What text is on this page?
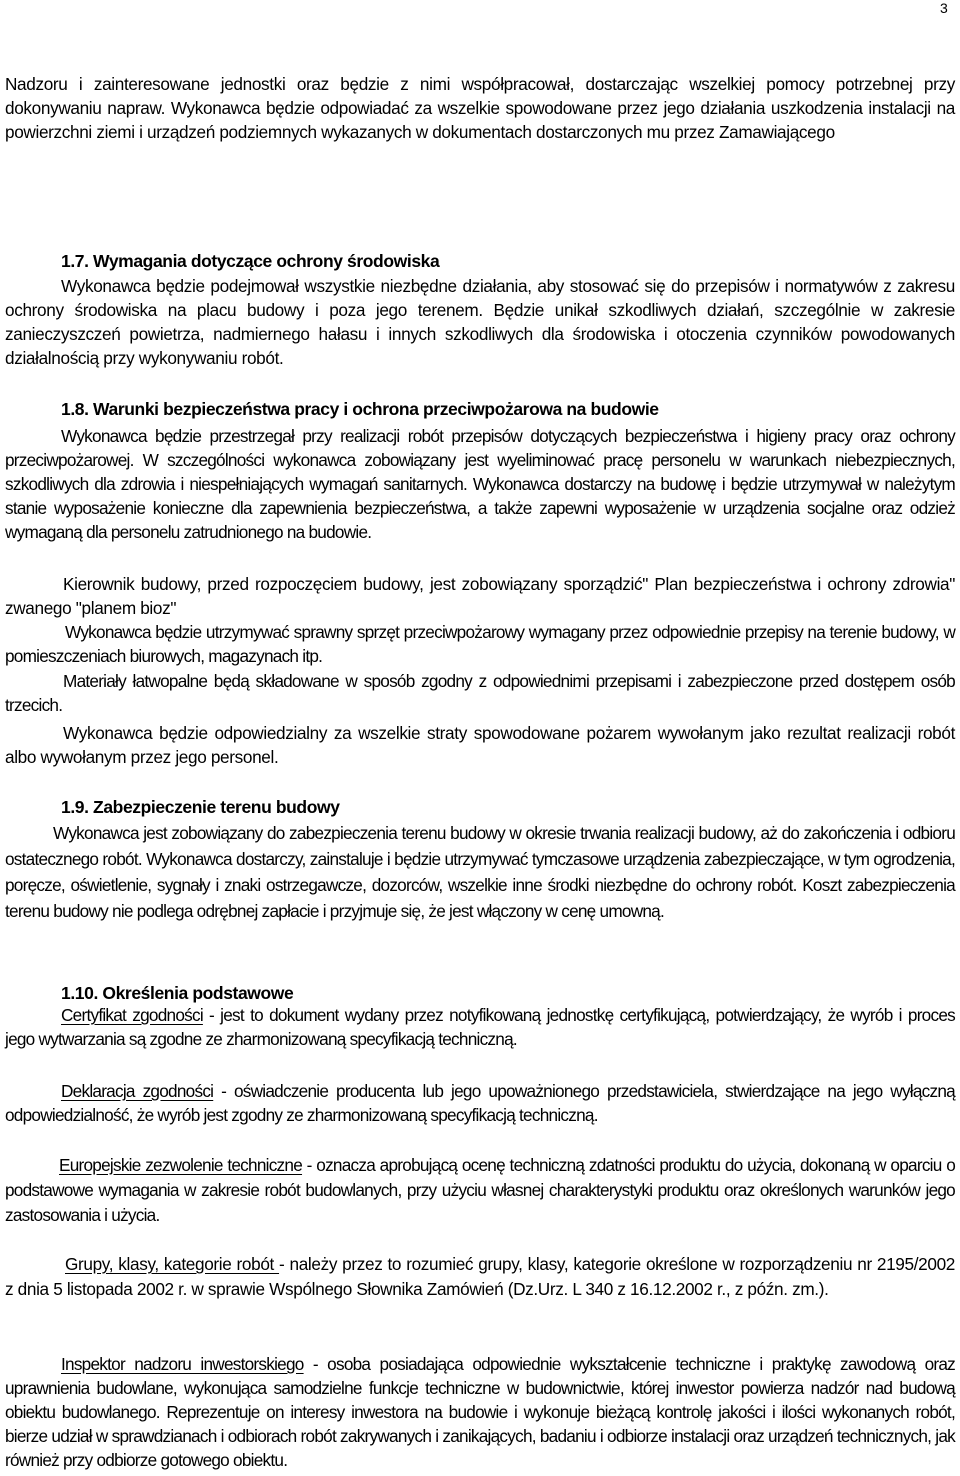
3

Nadzoru i zainteresowane jednostki oraz będzie z nimi współpracował, dostarczając wszelkiej pomocy potrzebnej przy dokonywaniu naprаw. Wykonawca będzie odpowiadać za wszelkie spowodowane przez jego działania uszkodzenia instalacji na powierzchni ziemi i urządzeń podziemnych wykazanych w dokumentach dostarczonych mu przez Zamawiającego

1.7. Wymagania dotyczące ochrony środowiska

Wykonawca będzie podejmował wszystkie niezbędne działania, aby stosować się do przepisów i normatywów z zakresu ochrony środowiska na placu budowy i poza jego terenem. Będzie unikał szkodliwych działań, szczególnie w zakresie zanieczyszczeń powietrza, nadmiernego hałasu i innych szkodliwych dla środowiska i otoczenia czynników powodowanych działalnością przy wykonywaniu robót.

1.8. Warunki bezpieczeństwa pracy i ochrona przeciwpożarowa na budowie

Wykonawca będzie przestrzegał przy realizacji robót przepisów dotyczących bezpieczeństwa i higieny pracy oraz ochrony przeciwpożarowej. W szczególności wykonawca zobowiązany jest wyeliminować pracę personelu w warunkach niebezpiecznych, szkodliwych dla zdrowia i niespełniających wymagań sanitarnych. Wykonawca dostarczy na budowę i będzie utrzymywał w należytym stanie wyposażenie konieczne dla zapewnienia bezpieczeństwa, a także zapewni wyposażenie w urządzenia socjalne oraz odzież wymaganą dla personelu zatrudnionego na budowie.

Kierownik budowy, przed rozpoczęciem budowy, jest zobowiązany sporządzić" Plan bezpieczeństwa i ochrony zdrowia" zwanego "planem bioz"

Wykonawca będzie utrzymywać sprawny sprzęt przeciwpożarowy wymagany przez odpowiednie przepisy na terenie budowy, w pomieszczeniach biurowych, magazynach itp.

Materiały łatwopalne będą składowane w sposób zgodny z odpowiednimi przepisami i zabezpieczone przed dostępem osób trzecich.

Wykonawca będzie odpowiedzialny za wszelkie straty spowodowane pożarem wywołanym jako rezultat realizacji robót albo wywołanym przez jego personel.

1.9. Zabezpieczenie terenu budowy

Wykonawca jest zobowiązany do zabezpieczenia terenu budowy w okresie trwania realizacji budowy, aż do zakończenia i odbioru ostatecznego robót. Wykonawca dostarczy, zainstaluje i będzie utrzymywać tymczasowe urządzenia zabezpieczające, w tym ogrodzenia, poręcze, oświetlenie, sygnały i znaki ostrzegawcze, dozorców, wszelkie inne środki niezbędne do ochrony robót. Koszt zabezpieczenia terenu budowy nie podlega odrębnej zapłacie i przyjmuje się, że jest włączony w cenę umowną.

1.10. Określenia podstawowe

Certyfikat zgodności - jest to dokument wydany przez notyfikowaną jednostkę certyfikującą, potwierdzający, że wyrób i proces jego wytwarzania są zgodne ze zharmonizowaną specyfikacją techniczną.

Deklaracja zgodności - oświadczenie producenta lub jego upoważnionego przedstawiciela, stwierdzające na jego wyłączną odpowiedzialność, że wyrób jest zgodny ze zharmonizowaną specyfikacją techniczną.

Europejskie zezwolenie techniczne - oznacza aprobującą ocenę techniczną zdatności produktu do użycia, dokonaną w oparciu o podstawowe wymagania w zakresie robót budowlanych, przy użyciu własnej charakterystyki produktu oraz określonych warunków jego zastosowania i użycia.

Grupy, klasy, kategorie robót - należy przez to rozumieć grupy, klasy, kategorie określone w rozporządzeniu nr 2195/2002 z dnia 5 listopada 2002 r. w sprawie Wspólnego Słownika Zamówień (Dz.Urz. L 340 z 16.12.2002 r., z późn. zm.).

Inspektor nadzoru inwestorskiego - osoba posiadająca odpowiednie wykształcenie techniczne i praktykę zawodową oraz uprawnienia budowlane, wykonująca samodzielne funkcje techniczne w budownictwie, której inwestor powierza nadzór nad budową obiektu budowlanego. Reprezentuje on interesy inwestora na budowie i wykonuje bieżącą kontrolę jakości i ilości wykonanych robót, bierze udział w sprawdzianach i odbiorach robót zakrywanych i zanikających, badaniu i odbiorze instalacji oraz urządzeń technicznych, jak również przy odbiorze gotowego obiektu.
